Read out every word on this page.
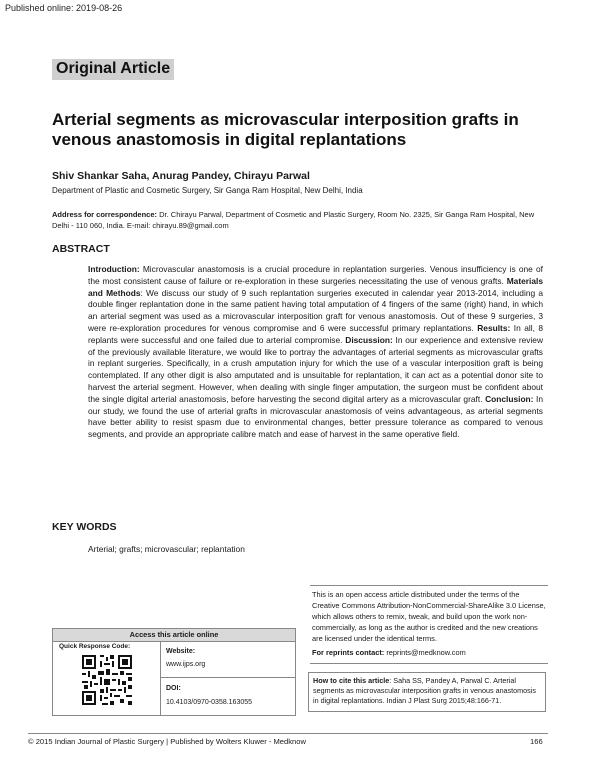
Published online: 2019-08-26
Original Article
Arterial segments as microvascular interposition grafts in venous anastomosis in digital replantations
Shiv Shankar Saha, Anurag Pandey, Chirayu Parwal
Department of Plastic and Cosmetic Surgery, Sir Ganga Ram Hospital, New Delhi, India
Address for correspondence: Dr. Chirayu Parwal, Department of Cosmetic and Plastic Surgery, Room No. 2325, Sir Ganga Ram Hospital, New Delhi - 110 060, India. E-mail: chirayu.89@gmail.com
ABSTRACT
Introduction: Microvascular anastomosis is a crucial procedure in replantation surgeries. Venous insufficiency is one of the most consistent cause of failure or re-exploration in these surgeries necessitating the use of venous grafts. Materials and Methods: We discuss our study of 9 such replantation surgeries executed in calendar year 2013-2014, including a double finger replantation done in the same patient having total amputation of 4 fingers of the same (right) hand, in which an arterial segment was used as a microvascular interposition graft for venous anastomosis. Out of these 9 surgeries, 3 were re-exploration procedures for venous compromise and 6 were successful primary replantations. Results: In all, 8 replants were successful and one failed due to arterial compromise. Discussion: In our experience and extensive review of the previously available literature, we would like to portray the advantages of arterial segments as microvascular grafts in replant surgeries. Specifically, in a crush amputation injury for which the use of a vascular interposition graft is being contemplated. If any other digit is also amputated and is unsuitable for replantation, it can act as a potential donor site to harvest the arterial segment. However, when dealing with single finger amputation, the surgeon must be confident about the single digital arterial anastomosis, before harvesting the second digital artery as a microvascular graft. Conclusion: In our study, we found the use of arterial grafts in microvascular anastomosis of veins advantageous, as arterial segments have better ability to resist spasm due to environmental changes, better pressure tolerance as compared to venous segments, and provide an appropriate calibre match and ease of harvest in the same operative field.
KEY WORDS
Arterial; grafts; microvascular; replantation
This is an open access article distributed under the terms of the Creative Commons Attribution-NonCommercial-ShareAlike 3.0 License, which allows others to remix, tweak, and build upon the work non-commercially, as long as the author is credited and the new creations are licensed under the identical terms.
For reprints contact: reprints@medknow.com
How to cite this article: Saha SS, Pandey A, Parwal C. Arterial segments as microvascular interposition grafts in venous anastomosis in digital replantations. Indian J Plast Surg 2015;48:166-71.
Access this article online
Quick Response Code:
Website:
www.ijps.org
DOI:
10.4103/0970-0358.163055
© 2015 Indian Journal of Plastic Surgery | Published by Wolters Kluwer - Medknow	166
